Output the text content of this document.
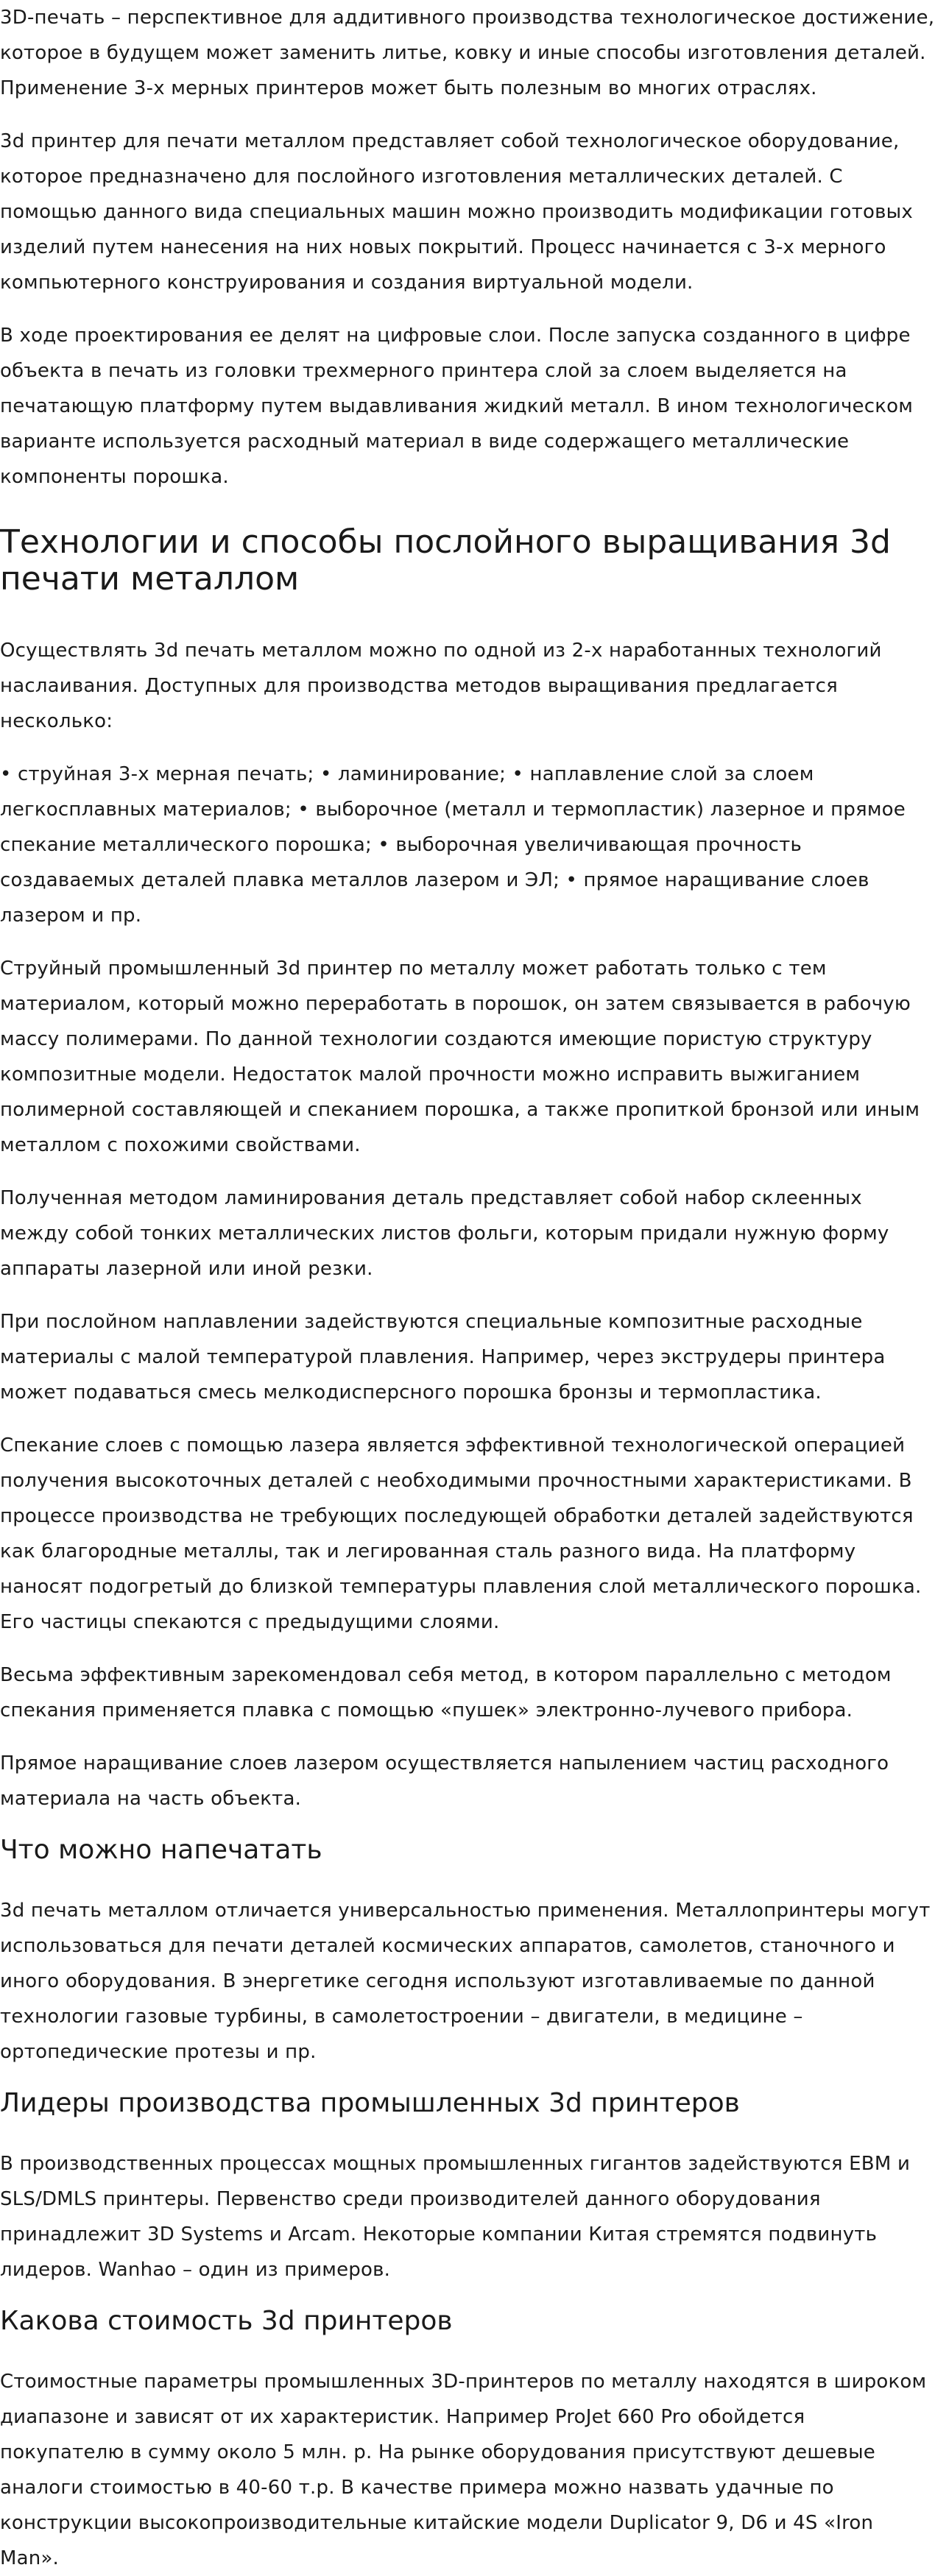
3D-печать – перспективное для аддитивного производства технологическое достижение, которое в будущем может заменить литье, ковку и иные способы изготовления деталей. Применение 3-х мерных принтеров может быть полезным во многих отраслях.

3d принтер для печати металлом представляет собой технологическое оборудование, которое предназначено для послойного изготовления металлических деталей. С помощью данного вида специальных машин можно производить модификации готовых изделий путем нанесения на них новых покрытий. Процесс начинается с 3-х мерного компьютерного конструирования и создания виртуальной модели.

В ходе проектирования ее делят на цифровые слои. После запуска созданного в цифре объекта в печать из головки трехмерного принтера слой за слоем выделяется на печатающую платформу путем выдавливания жидкий металл. В ином технологическом варианте используется расходный материал в виде содержащего металлические компоненты порошка.

Технологии и способы послойного выращивания 3d печати металлом

Осуществлять 3d печать металлом можно по одной из 2-х наработанных технологий наслаивания. Доступных для производства методов выращивания предлагается несколько:

• струйная 3-х мерная печать; • ламинирование; • наплавление слой за слоем легкосплавных материалов; • выборочное (металл и термопластик) лазерное и прямое спекание металлического порошка; • выборочная увеличивающая прочность создаваемых деталей плавка металлов лазером и ЭЛ; • прямое наращивание слоев лазером и пр.

Струйный промышленный 3d принтер по металлу может работать только с тем материалом, который можно переработать в порошок, он затем связывается в рабочую массу полимерами. По данной технологии создаются имеющие пористую структуру композитные модели. Недостаток малой прочности можно исправить выжиганием полимерной составляющей и спеканием порошка, а также пропиткой бронзой или иным металлом с похожими свойствами.

Полученная методом ламинирования деталь представляет собой набор склеенных между собой тонких металлических листов фольги, которым придали нужную форму аппараты лазерной или иной резки.

При послойном наплавлении задействуются специальные композитные расходные материалы с малой температурой плавления. Например, через экструдеры принтера может подаваться смесь мелкодисперсного порошка бронзы и термопластика.

Спекание слоев с помощью лазера является эффективной технологической операцией получения высокоточных деталей с необходимыми прочностными характеристиками. В процессе производства не требующих последующей обработки деталей задействуются как благородные металлы, так и легированная сталь разного вида. На платформу наносят подогретый до близкой температуры плавления слой металлического порошка. Его частицы спекаются с предыдущими слоями.

Весьма эффективным зарекомендовал себя метод, в котором параллельно с методом спекания применяется плавка с помощью «пушек» электронно-лучевого прибора.

Прямое наращивание слоев лазером осуществляется напылением частиц расходного материала на часть объекта.

Что можно напечатать

3d печать металлом отличается универсальностью применения. Металлопринтеры могут использоваться для печати деталей космических аппаратов, самолетов, станочного и иного оборудования. В энергетике сегодня используют изготавливаемые по данной технологии газовые турбины, в самолетостроении – двигатели, в медицине – ортопедические протезы и пр.

Лидеры производства промышленных 3d принтеров

В производственных процессах мощных промышленных гигантов задействуются EBM и SLS/DMLS принтеры. Первенство среди производителей данного оборудования принадлежит 3D Systems и Arcam. Некоторые компании Китая стремятся подвинуть лидеров. Wanhao – один из примеров.

Какова стоимость 3d принтеров

Стоимостные параметры промышленных 3D-принтеров по металлу находятся в широком диапазоне и зависят от их характеристик. Например ProJet 660 Pro обойдется покупателю в сумму около 5 млн. р. На рынке оборудования присутствуют дешевые аналоги стоимостью в 40-60 т.р. В качестве примера можно назвать удачные по конструкции высокопроизводительные китайские модели Duplicator 9, D6 и 4S «Iron Man».
